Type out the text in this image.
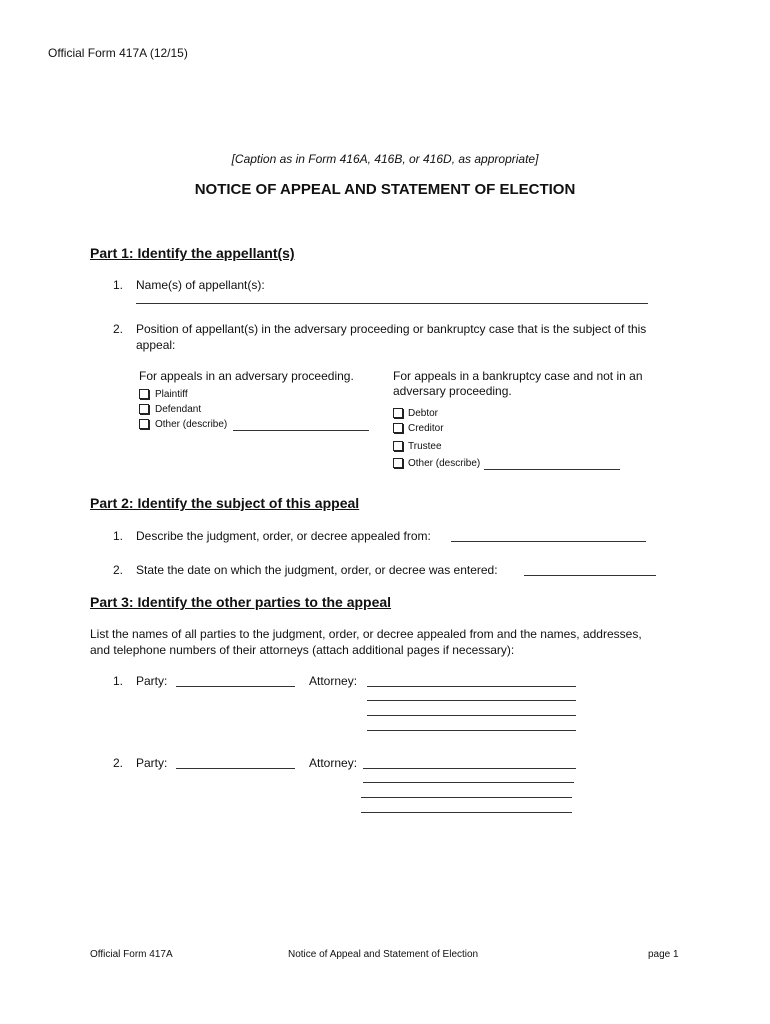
Official Form 417A (12/15)
[Caption as in Form 416A, 416B, or 416D, as appropriate]
NOTICE OF APPEAL AND STATEMENT OF ELECTION
Part 1: Identify the appellant(s)
1. Name(s) of appellant(s):
2. Position of appellant(s) in the adversary proceeding or bankruptcy case that is the subject of this
appeal:
For appeals in an adversary proceeding.
Plaintiff
Defendant
Other (describe)
For appeals in a bankruptcy case and not in an
adversary proceeding.
Debtor
Creditor
Trustee
Other (describe)
Part 2: Identify the subject of this appeal
1. Describe the judgment, order, or decree appealed from:
2. State the date on which the judgment, order, or decree was entered:
Part 3: Identify the other parties to the appeal
List the names of all parties to the judgment, order, or decree appealed from and the names, addresses,
and telephone numbers of their attorneys (attach additional pages if necessary):
1. Party:	Attorney:
2. Party:	Attorney:
Official Form 417A	Notice of Appeal and Statement of Election	page 1
